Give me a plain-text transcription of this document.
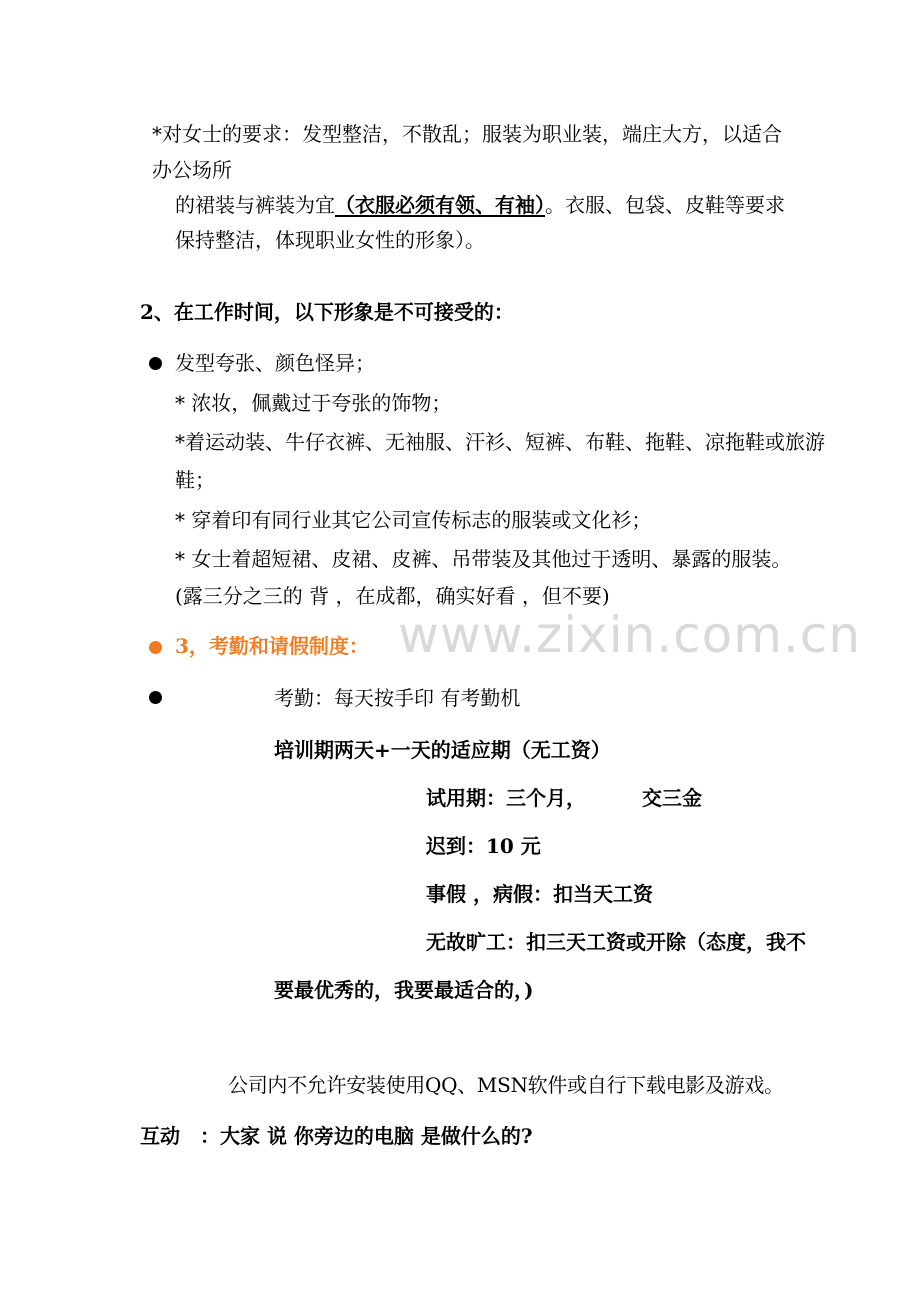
www.zixin.com.cn
*对女士的要求：发型整洁，不散乱；服装为职业装，端庄大方，以适合
办公场所
的裙装与裤装为宜（衣服必须有领、有袖）。衣服、包袋、皮鞋等要求
保持整洁，体现职业女性的形象）。
2、在工作时间，以下形象是不可接受的：
发型夸张、颜色怪异；
* 浓妆，佩戴过于夸张的饰物；
*着运动装、牛仔衣裤、无袖服、汗衫、短裤、布鞋、拖鞋、凉拖鞋或旅游
鞋；
* 穿着印有同行业其它公司宣传标志的服装或文化衫；
* 女士着超短裙、皮裙、皮裤、吊带装及其他过于透明、暴露的服装。
(露三分之三的 背 ，在成都，确实好看 ，但不要)
3，考勤和请假制度：
考勤：每天按手印 有考勤机
培训期两天+一天的适应期（无工资）
试用期：三个月，	交三金
迟到：10 元
事假 ，病假：扣当天工资
无故旷工：扣三天工资或开除（态度，我不
要最优秀的，我要最适合的，)
公司内不允许安装使用QQ、MSN软件或自行下载电影及游戏。
互动 ：大家 说 你旁边的电脑 是做什么的?
